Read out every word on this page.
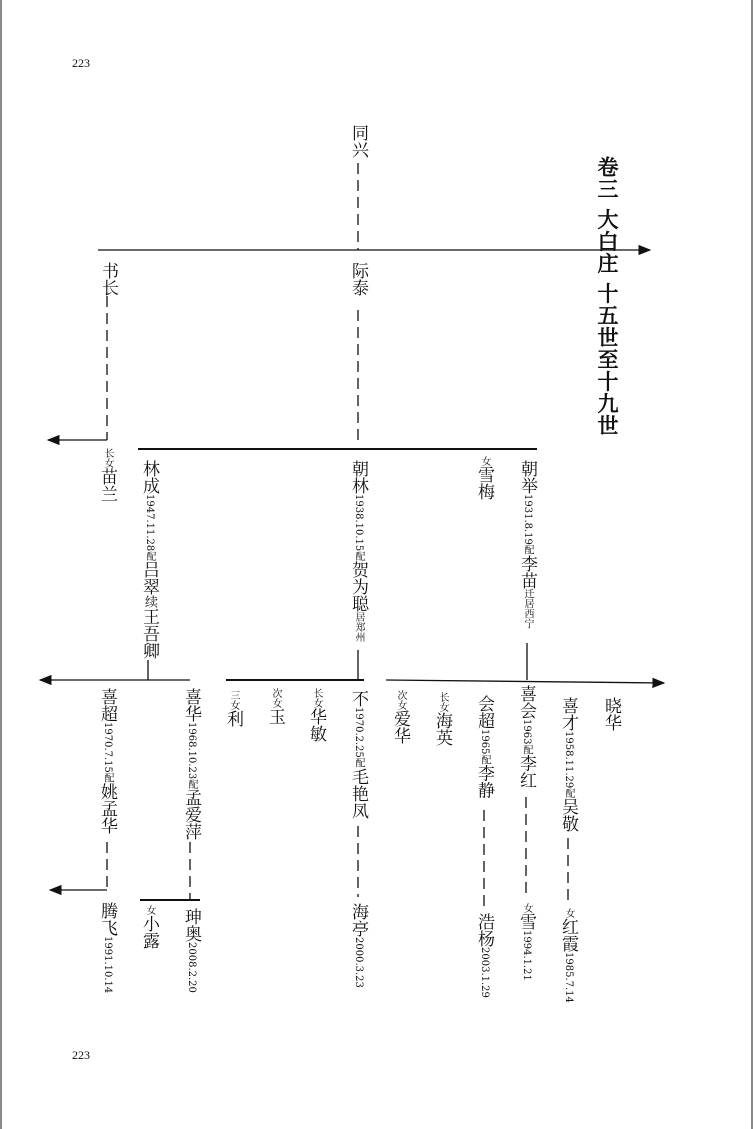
223
223
卷三 大白庄 十五世至十九世
同兴
书长	际泰
长女苗兰 林成1947.11.28配吕翠续王吾卿
朝林1938.10.15配贺为聪居郑州
女雪梅 朝举1931.8.19配李苗迁居西宁
喜超1970.7.15配姚孟华
喜华1968.10.23配孟爱萍
三女利
次女玉
长女华敏
不1970.2.25配毛艳凤
次女爱华
长女海英 会超1965配李静
喜会1963配李红
喜才1958.11.29配吴敬
晓华
腾飞1991.10.14
女小露 珅奥2008.2.20
海亭2000.3.23
浩杨2003.1.29
女雪1994.1.21
女红霞1985.7.14
